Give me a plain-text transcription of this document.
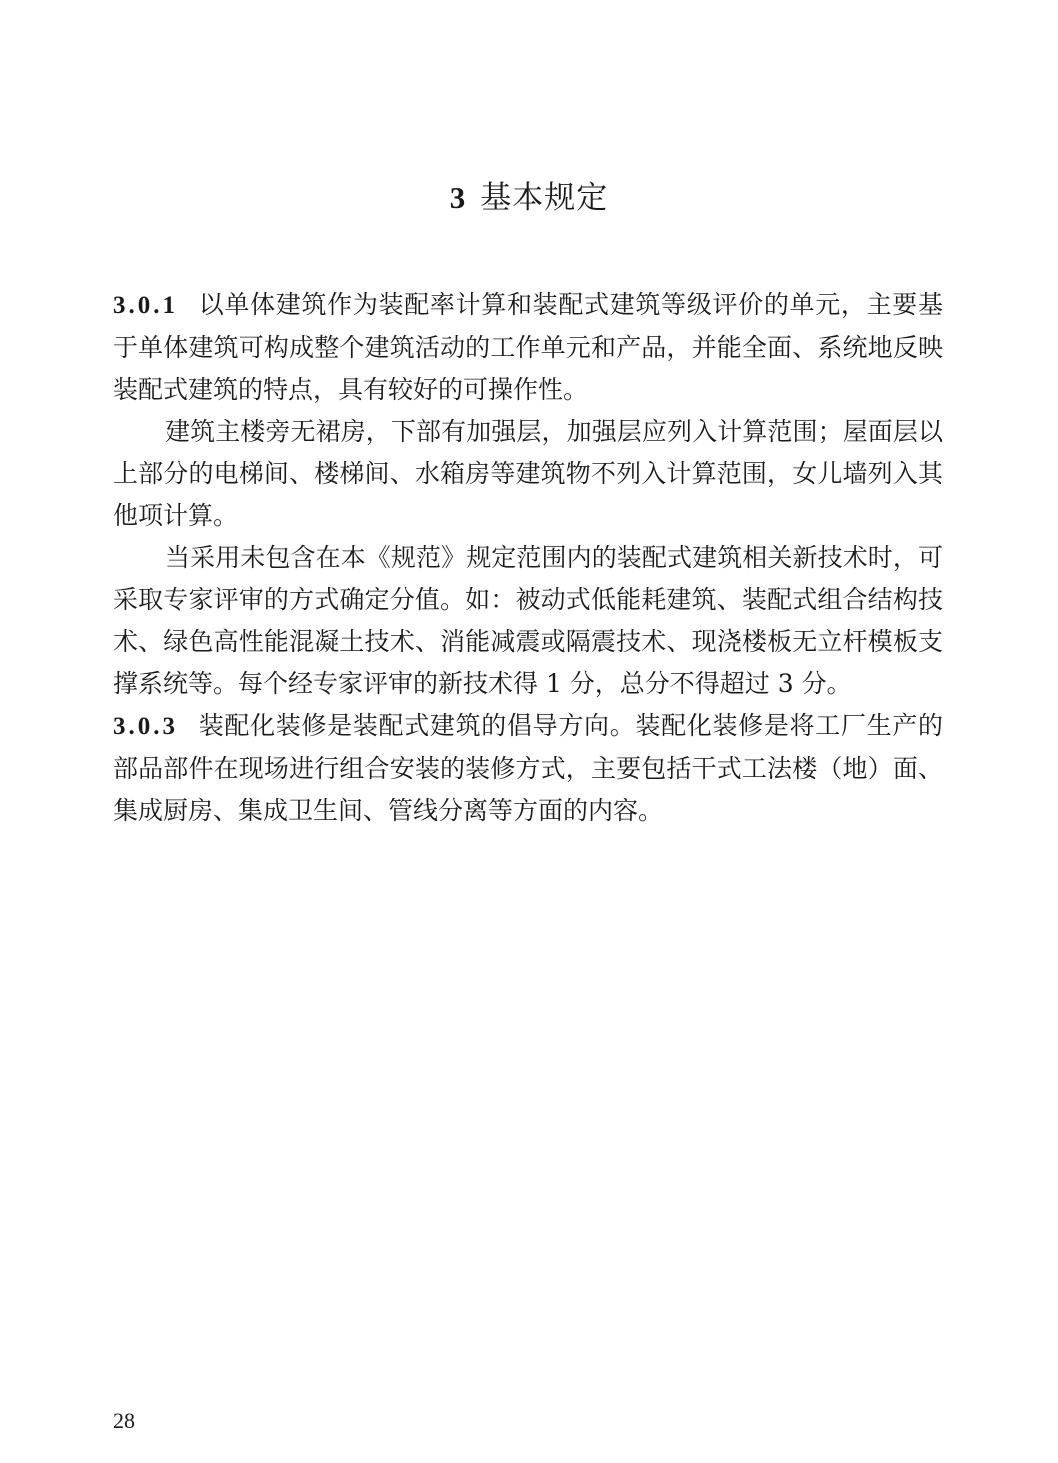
3 基本规定

3.0.1 以单体建筑作为装配率计算和装配式建筑等级评价的单元，主要基于单体建筑可构成整个建筑活动的工作单元和产品，并能全面、系统地反映装配式建筑的特点，具有较好的可操作性。

建筑主楼旁无裙房，下部有加强层，加强层应列入计算范围；屋面层以上部分的电梯间、楼梯间、水箱房等建筑物不列入计算范围，女儿墙列入其他项计算。

当采用未包含在本《规范》规定范围内的装配式建筑相关新技术时，可采取专家评审的方式确定分值。如：被动式低能耗建筑、装配式组合结构技术、绿色高性能混凝土技术、消能减震或隔震技术、现浇楼板无立杆模板支撑系统等。每个经专家评审的新技术得 1 分，总分不得超过 3 分。

3.0.3 装配化装修是装配式建筑的倡导方向。装配化装修是将工厂生产的部品部件在现场进行组合安装的装修方式，主要包括干式工法楼（地）面、集成厨房、集成卫生间、管线分离等方面的内容。

28
